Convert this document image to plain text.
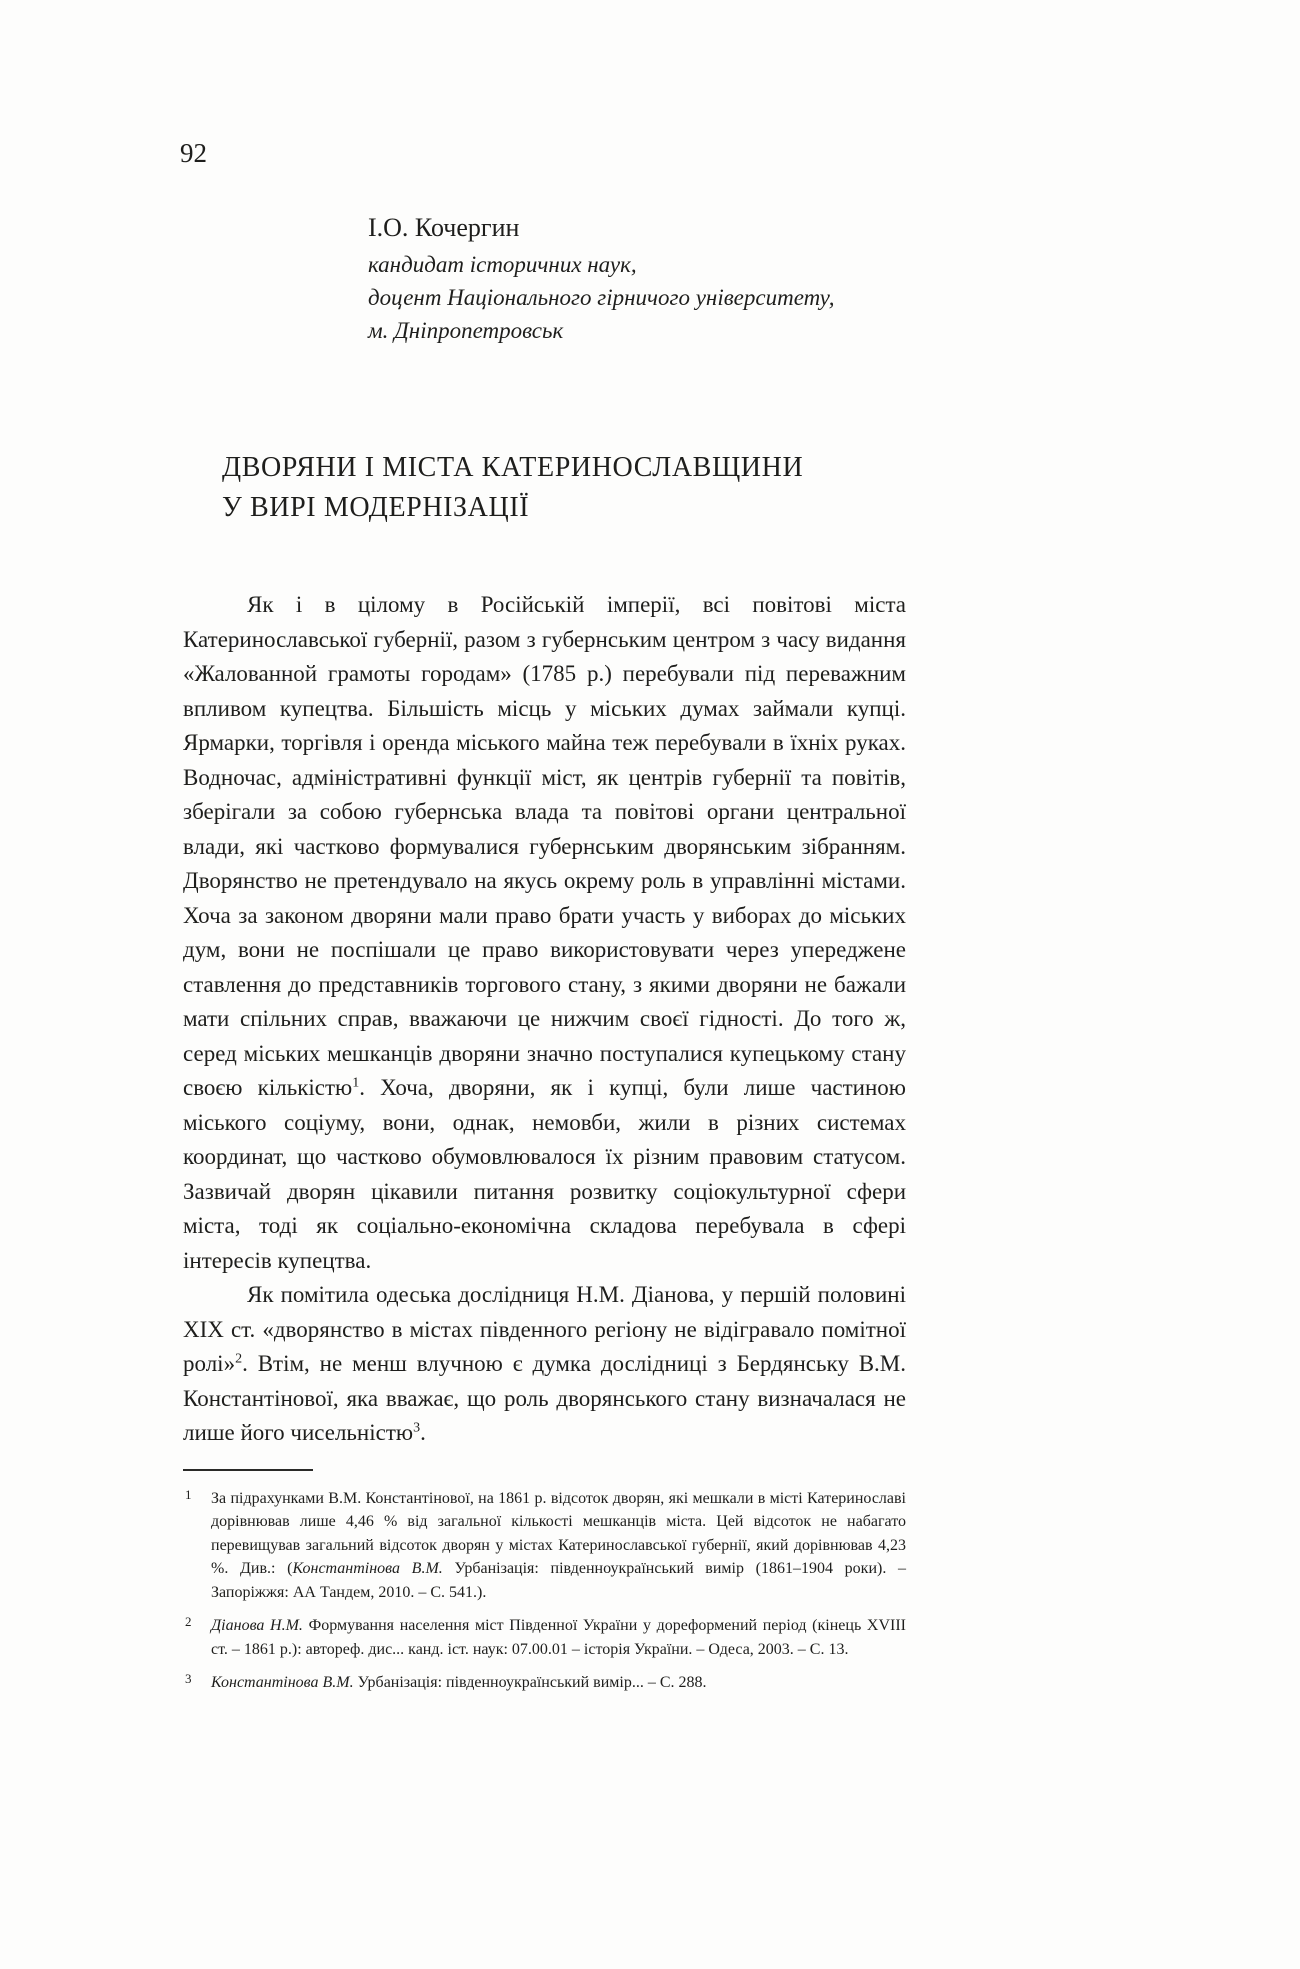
92
І.О. Кочергин
кандидат історичних наук,
доцент Національного гірничого університету,
м. Дніпропетровськ
ДВОРЯНИ І МІСТА КАТЕРИНОСЛАВЩИНИ
У ВИРІ МОДЕРНІЗАЦІЇ

Як і в цілому в Російській імперії, всі повітові міста Катеринославської губернії, разом з губернським центром з часу видання «Жалованной грамоты городам» (1785 р.) перебували під переважним впливом купецтва. Більшість місць у міських думах займали купці. Ярмарки, торгівля і оренда міського майна теж перебували в їхніх руках. Водночас, адміністративні функції міст, як центрів губернії та повітів, зберігали за собою губернська влада та повітові органи центральної влади, які частково формувалися губернським дворянським зібранням. Дворянство не претендувало на якусь окрему роль в управлінні містами. Хоча за законом дворяни мали право брати участь у виборах до міських дум, вони не поспішали це право використовувати через упереджене ставлення до представників торгового стану, з якими дворяни не бажали мати спільних справ, вважаючи це нижчим своєї гідності. До того ж, серед міських мешканців дворяни значно поступалися купецькому стану своєю кількістю$^1$. Хоча, дворяни, як і купці, були лише частиною міського соціуму, вони, однак, немовби, жили в різних системах координат, що частково обумовлювалося їх різним правовим статусом. Зазвичай дворян цікавили питання розвитку соціокультурної сфери міста, тоді як соціально-економічна складова перебувала в сфері інтересів купецтва.

Як помітила одеська дослідниця Н.М. Діанова, у першій половині XIX ст. «дворянство в містах південного регіону не відігравало помітної ролі»$^2$. Втім, не менш влучною є думка дослідниці з Бердянську В.М. Константінової, яка вважає, що роль дворянського стану визначалася не лише його чисельністю$^3$.

1 За підрахунками В.М. Константінової, на 1861 р. відсоток дворян, які мешкали в місті Катеринославі дорівнював лише 4,46 % від загальної кількості мешканців міста. Цей відсоток не набагато перевищував загальний відсоток дворян у містах Катеринославської губернії, який дорівнював 4,23 %. Див.: (Константінова В.М. Урбанізація: південноукраїнський вимір (1861–1904 роки). – Запоріжжя: АА Тандем, 2010. – С. 541.).
2 Діанова Н.М. Формування населення міст Південної України у дореформений період (кінець XVIII ст. – 1861 р.): автореф. дис... канд. іст. наук: 07.00.01 – історія України. – Одеса, 2003. – С. 13.
3 Константінова В.М. Урбанізація: південноукраїнський вимір... – С. 288.
